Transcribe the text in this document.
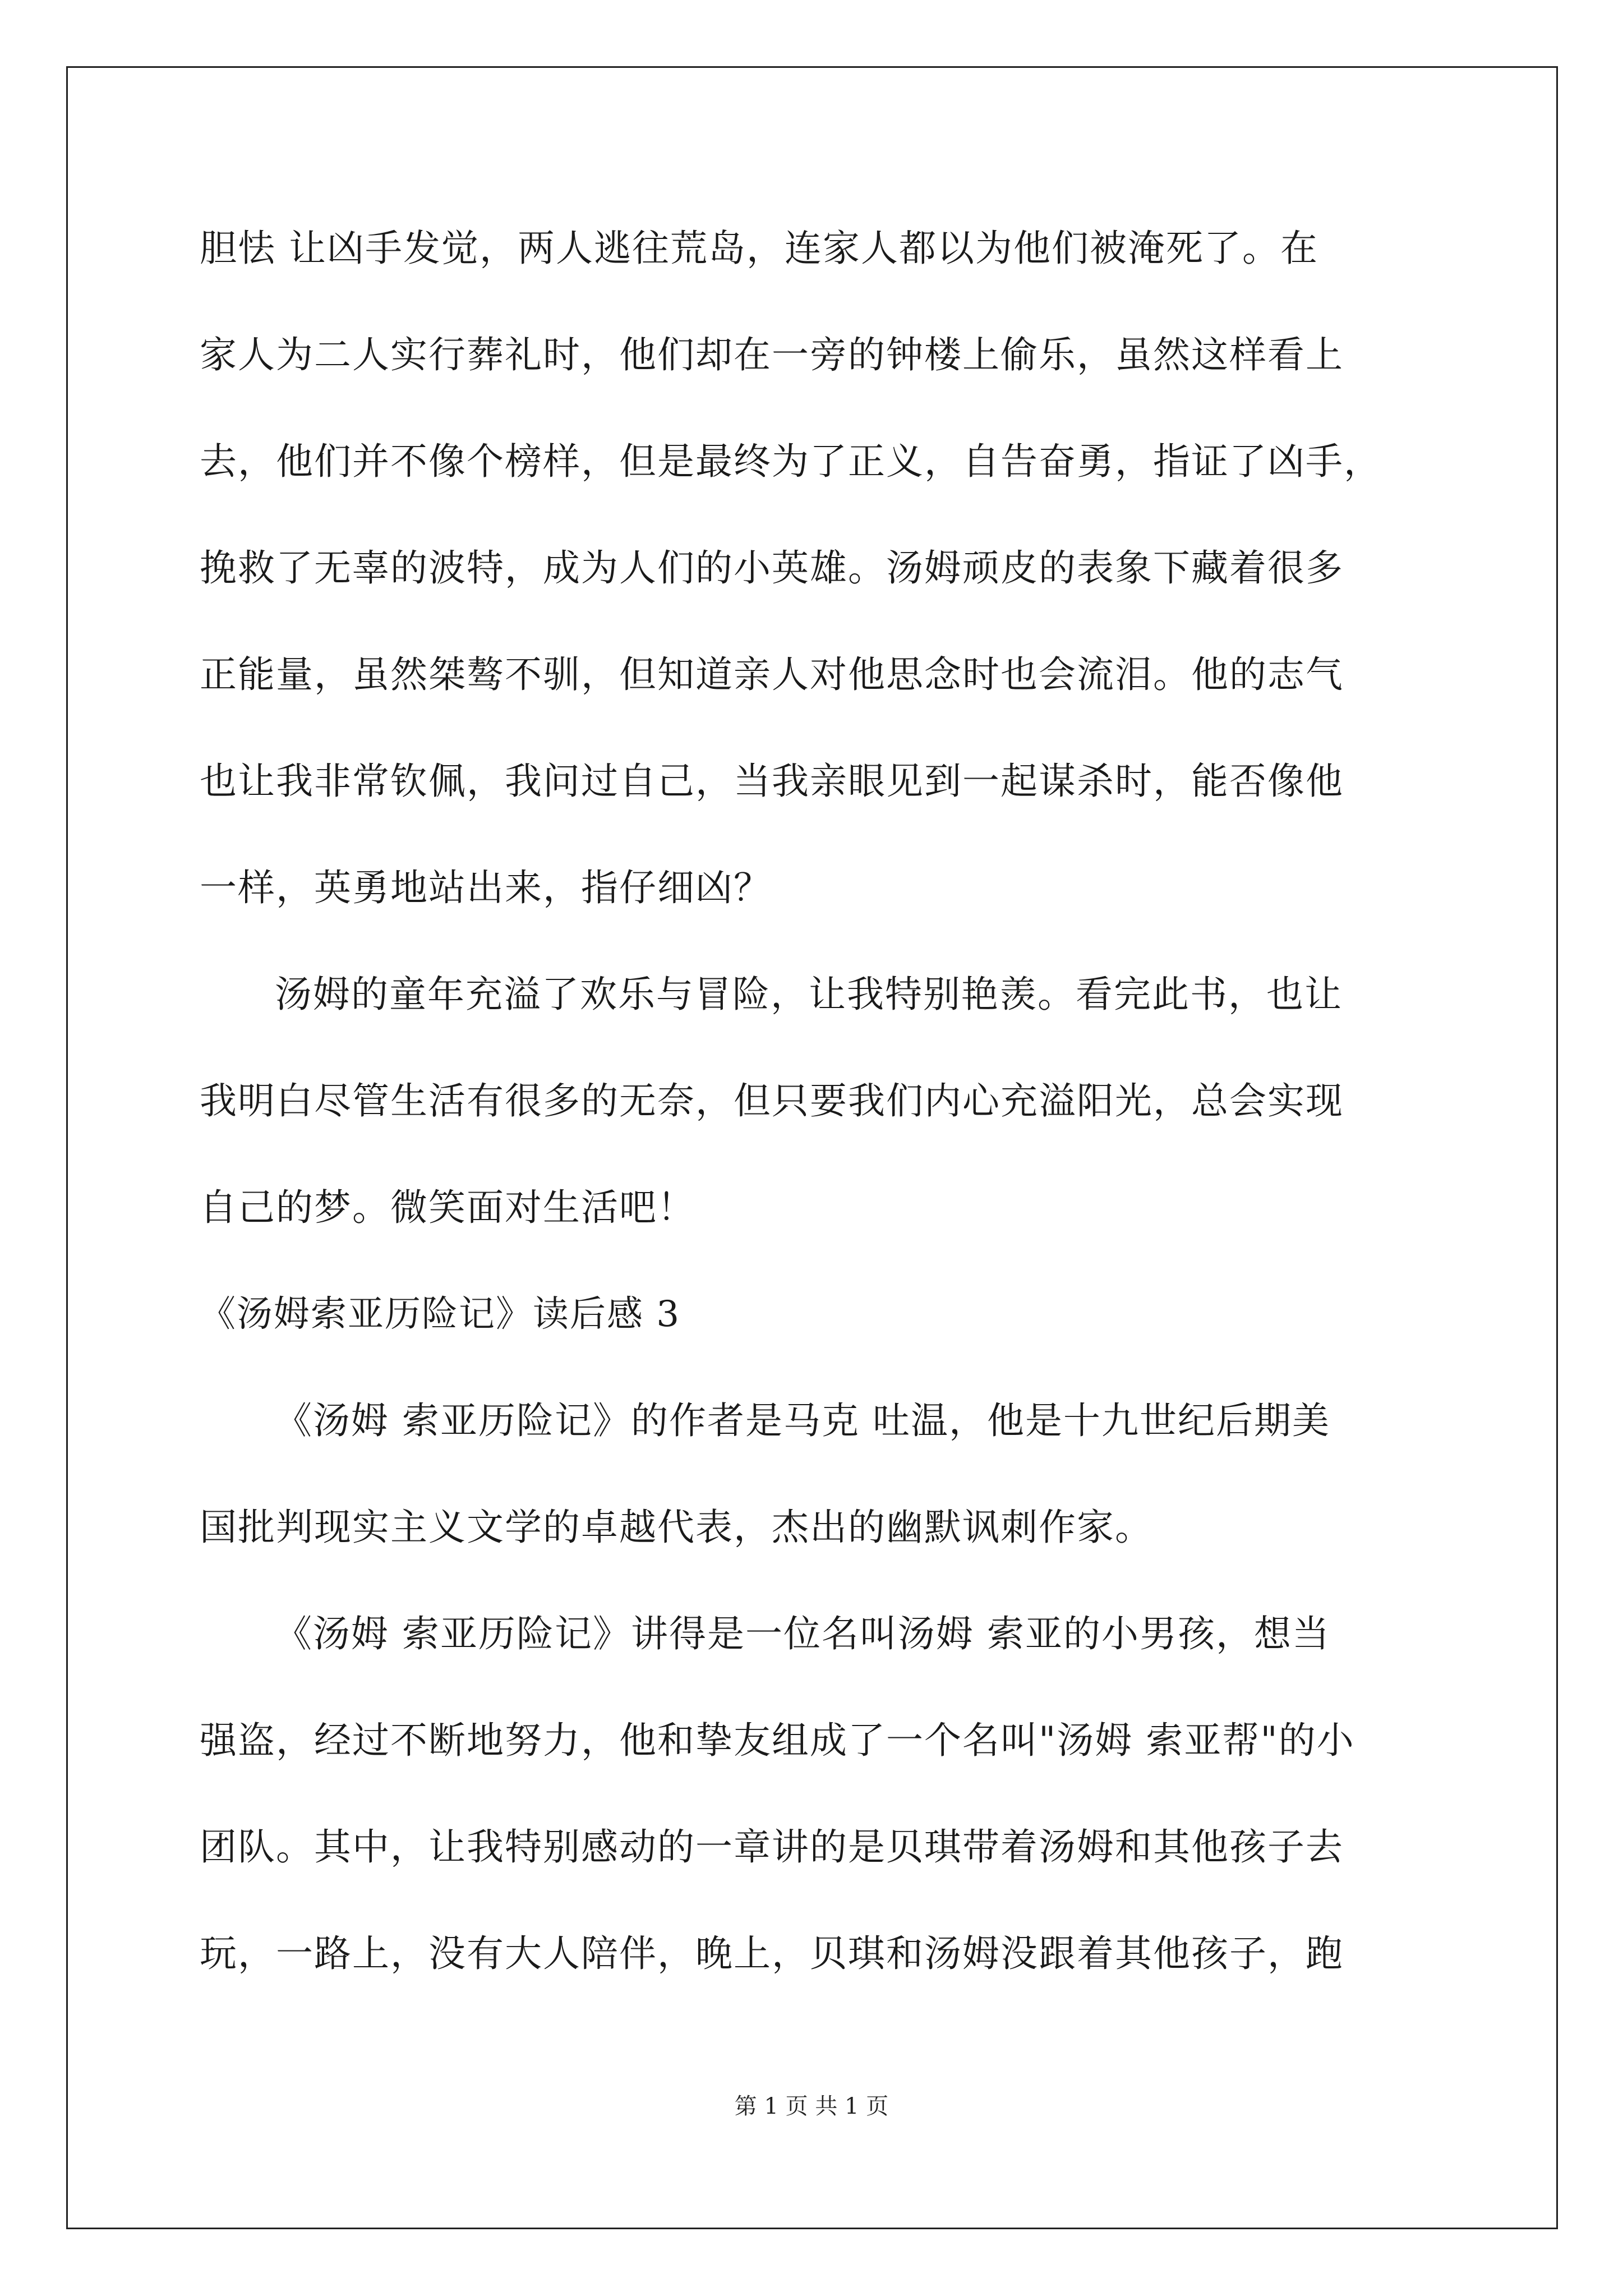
胆怯 让凶手发觉，两人逃往荒岛，连家人都以为他们被淹死了。在
家人为二人实行葬礼时，他们却在一旁的钟楼上偷乐，虽然这样看上
去，他们并不像个榜样，但是最终为了正义，自告奋勇，指证了凶手，
挽救了无辜的波特，成为人们的小英雄。汤姆顽皮的表象下藏着很多
正能量，虽然桀骜不驯，但知道亲人对他思念时也会流泪。他的志气
也让我非常钦佩，我问过自己，当我亲眼见到一起谋杀时，能否像他
一样，英勇地站出来，指仔细凶？
汤姆的童年充溢了欢乐与冒险，让我特别艳羡。看完此书，也让
我明白尽管生活有很多的无奈，但只要我们内心充溢阳光，总会实现
自己的梦。微笑面对生活吧！
《汤姆索亚历险记》读后感 3
《汤姆 索亚历险记》的作者是马克 吐温，他是十九世纪后期美
国批判现实主义文学的卓越代表，杰出的幽默讽刺作家。
《汤姆 索亚历险记》讲得是一位名叫汤姆 索亚的小男孩，想当
强盗，经过不断地努力，他和挚友组成了一个名叫"汤姆 索亚帮"的小
团队。其中，让我特别感动的一章讲的是贝琪带着汤姆和其他孩子去
玩，一路上，没有大人陪伴，晚上，贝琪和汤姆没跟着其他孩子，跑
第 1 页 共 1 页
